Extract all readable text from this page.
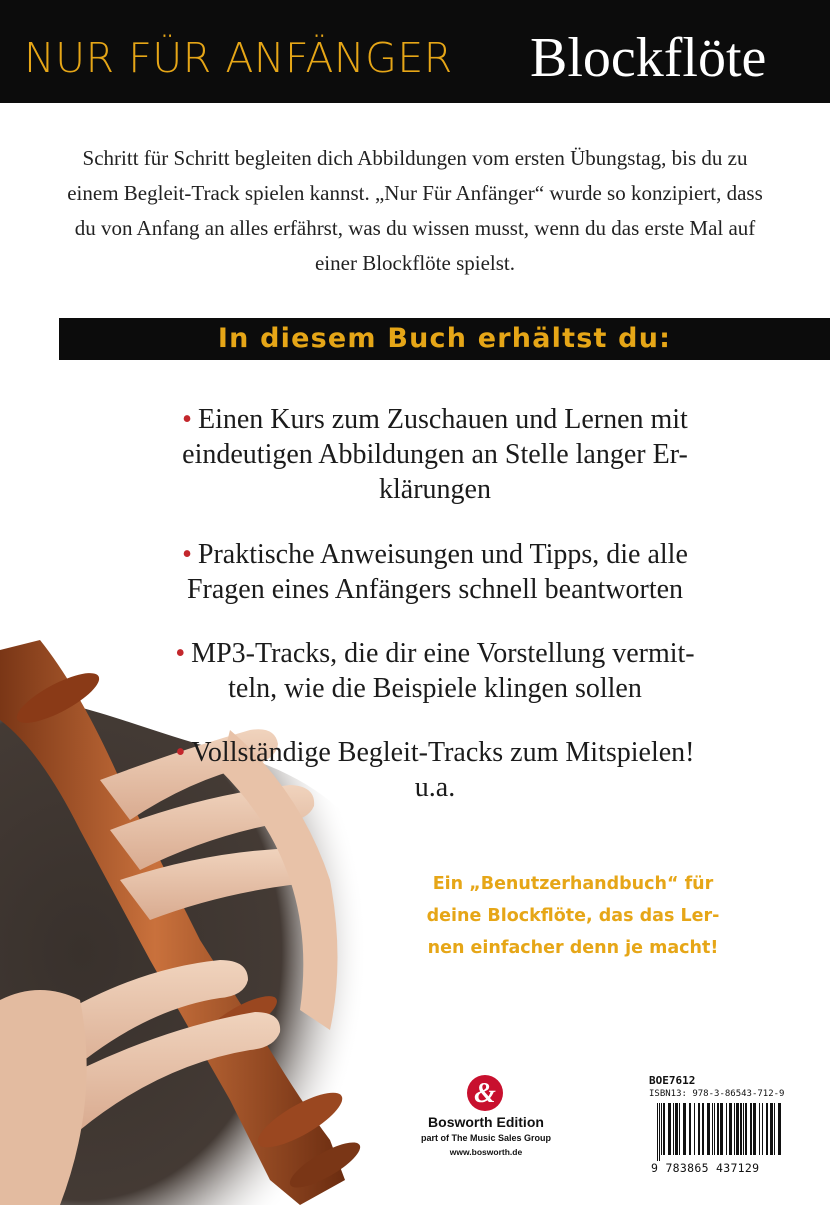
NUR FÜR ANFÄNGER Blockflöte
Schritt für Schritt begleiten dich Abbildungen vom ersten Übungstag, bis du zu
einem Begleit-Track spielen kannst. „Nur Für Anfänger“ wurde so konzipiert, dass
du von Anfang an alles erfährst, was du wissen musst, wenn du das erste Mal auf
einer Blockflöte spielst.
In diesem Buch erhältst du:
• Einen Kurs zum Zuschauen und Lernen mit
eindeutigen Abbildungen an Stelle langer Er-
klärungen
• Praktische Anweisungen und Tipps, die alle
Fragen eines Anfängers schnell beantworten
• MP3-Tracks, die dir eine Vorstellung vermit-
teln, wie die Beispiele klingen sollen
• Vollständige Begleit-Tracks zum Mitspielen!
u.a.
Ein „Benutzerhandbuch“ für
deine Blockflöte, das das Ler-
nen einfacher denn je macht!
&
Bosworth Edition
part of The Music Sales Group
www.bosworth.de
BOE7612
ISBN13: 978-3-86543-712-9
9 783865 437129
